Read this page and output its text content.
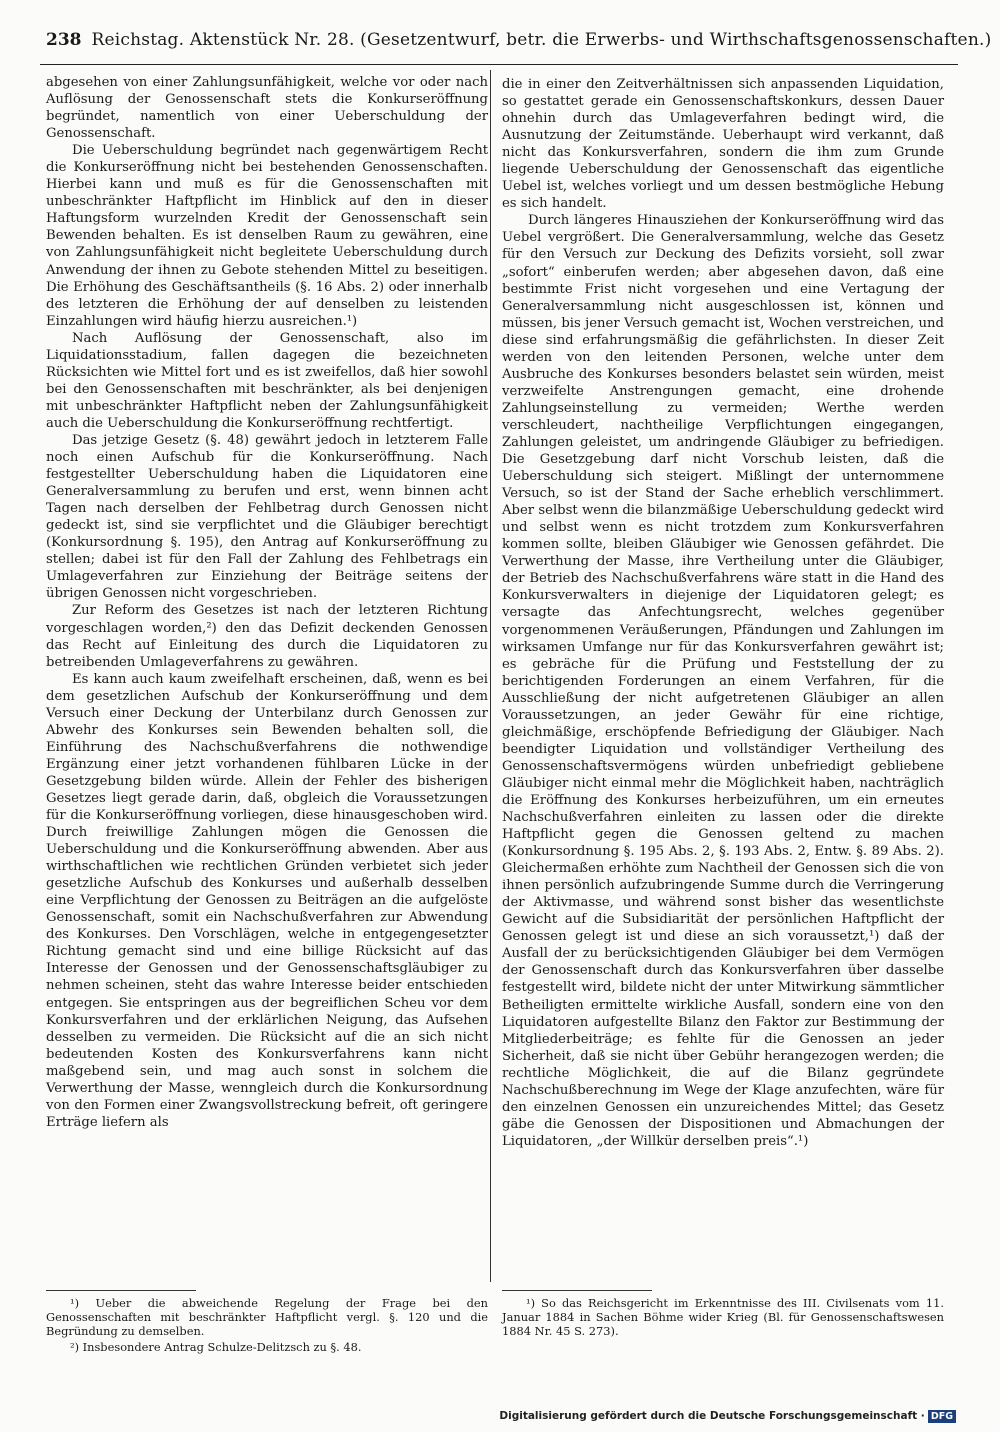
238 Reichstag. Aktenstück Nr. 28. (Gesetzentwurf, betr. die Erwerbs- und Wirthschaftsgenossenschaften.)

abgesehen von einer Zahlungsunfähigkeit, welche vor oder nach Auflösung der Genossenschaft stets die Konkurseröffnung begründet, namentlich von einer Ueberschuldung der Genossenschaft.

Die Ueberschuldung begründet nach gegenwärtigem Recht die Konkurseröffnung nicht bei bestehenden Genossenschaften. Hierbei kann und muß es für die Genossenschaften mit unbeschränkter Haftpflicht im Hinblick auf den in dieser Haftungsform wurzelnden Kredit der Genossenschaft sein Bewenden behalten. Es ist denselben Raum zu gewähren, eine von Zahlungsunfähigkeit nicht begleitete Ueberschuldung durch Anwendung der ihnen zu Gebote stehenden Mittel zu beseitigen. Die Erhöhung des Geschäftsantheils (§. 16 Abs. 2) oder innerhalb des letzteren die Erhöhung der auf denselben zu leistenden Einzahlungen wird häufig hierzu ausreichen.¹)

Nach Auflösung der Genossenschaft, also im Liquidationsstadium, fallen dagegen die bezeichneten Rücksichten wie Mittel fort und es ist zweifellos, daß hier sowohl bei den Genossenschaften mit beschränkter, als bei denjenigen mit unbeschränkter Haftpflicht neben der Zahlungsunfähigkeit auch die Ueberschuldung die Konkurseröffnung rechtfertigt.

Das jetzige Gesetz (§. 48) gewährt jedoch in letzterem Falle noch einen Aufschub für die Konkurseröffnung. Nach festgestellter Ueberschuldung haben die Liquidatoren eine Generalversammlung zu berufen und erst, wenn binnen acht Tagen nach derselben der Fehlbetrag durch Genossen nicht gedeckt ist, sind sie verpflichtet und die Gläubiger berechtigt (Konkursordnung §. 195), den Antrag auf Konkurseröffnung zu stellen; dabei ist für den Fall der Zahlung des Fehlbetrags ein Umlageverfahren zur Einziehung der Beiträge seitens der übrigen Genossen nicht vorgeschrieben.

Zur Reform des Gesetzes ist nach der letzteren Richtung vorgeschlagen worden,²) den das Defizit deckenden Genossen das Recht auf Einleitung des durch die Liquidatoren zu betreibenden Umlageverfahrens zu gewähren.

Es kann auch kaum zweifelhaft erscheinen, daß, wenn es bei dem gesetzlichen Aufschub der Konkurseröffnung und dem Versuch einer Deckung der Unterbilanz durch Genossen zur Abwehr des Konkurses sein Bewenden behalten soll, die Einführung des Nachschußverfahrens die nothwendige Ergänzung einer jetzt vorhandenen fühlbaren Lücke in der Gesetzgebung bilden würde. Allein der Fehler des bisherigen Gesetzes liegt gerade darin, daß, obgleich die Voraussetzungen für die Konkurseröffnung vorliegen, diese hinausgeschoben wird. Durch freiwillige Zahlungen mögen die Genossen die Ueberschuldung und die Konkurseröffnung abwenden. Aber aus wirthschaftlichen wie rechtlichen Gründen verbietet sich jeder gesetzliche Aufschub des Konkurses und außerhalb desselben eine Verpflichtung der Genossen zu Beiträgen an die aufgelöste Genossenschaft, somit ein Nachschußverfahren zur Abwendung des Konkurses. Den Vorschlägen, welche in entgegengesetzter Richtung gemacht sind und eine billige Rücksicht auf das Interesse der Genossen und der Genossenschaftsgläubiger zu nehmen scheinen, steht das wahre Interesse beider entschieden entgegen. Sie entspringen aus der begreiflichen Scheu vor dem Konkursverfahren und der erklärlichen Neigung, das Aufsehen desselben zu vermeiden. Die Rücksicht auf die an sich nicht bedeutenden Kosten des Konkursverfahrens kann nicht maßgebend sein, und mag auch sonst in solchem die Verwerthung der Masse, wenngleich durch die Konkursordnung von den Formen einer Zwangsvollstreckung befreit, oft geringere Erträge liefern als

die in einer den Zeitverhältnissen sich anpassenden Liquidation, so gestattet gerade ein Genossenschaftskonkurs, dessen Dauer ohnehin durch das Umlageverfahren bedingt wird, die Ausnutzung der Zeitumstände. Ueberhaupt wird verkannt, daß nicht das Konkursverfahren, sondern die ihm zum Grunde liegende Ueberschuldung der Genossenschaft das eigentliche Uebel ist, welches vorliegt und um dessen bestmögliche Hebung es sich handelt.

Durch längeres Hinausziehen der Konkurseröffnung wird das Uebel vergrößert. Die Generalversammlung, welche das Gesetz für den Versuch zur Deckung des Defizits vorsieht, soll zwar „sofort“ einberufen werden; aber abgesehen davon, daß eine bestimmte Frist nicht vorgesehen und eine Vertagung der Generalversammlung nicht ausgeschlossen ist, können und müssen, bis jener Versuch gemacht ist, Wochen verstreichen, und diese sind erfahrungsmäßig die gefährlichsten. In dieser Zeit werden von den leitenden Personen, welche unter dem Ausbruche des Konkurses besonders belastet sein würden, meist verzweifelte Anstrengungen gemacht, eine drohende Zahlungseinstellung zu vermeiden; Werthe werden verschleudert, nachtheilige Verpflichtungen eingegangen, Zahlungen geleistet, um andringende Gläubiger zu befriedigen. Die Gesetzgebung darf nicht Vorschub leisten, daß die Ueberschuldung sich steigert. Mißlingt der unternommene Versuch, so ist der Stand der Sache erheblich verschlimmert. Aber selbst wenn die bilanzmäßige Ueberschuldung gedeckt wird und selbst wenn es nicht trotzdem zum Konkursverfahren kommen sollte, bleiben Gläubiger wie Genossen gefährdet. Die Verwerthung der Masse, ihre Vertheilung unter die Gläubiger, der Betrieb des Nachschußverfahrens wäre statt in die Hand des Konkursverwalters in diejenige der Liquidatoren gelegt; es versagte das Anfechtungsrecht, welches gegenüber vorgenommenen Veräußerungen, Pfändungen und Zahlungen im wirksamen Umfange nur für das Konkursverfahren gewährt ist; es gebräche für die Prüfung und Feststellung der zu berichtigenden Forderungen an einem Verfahren, für die Ausschließung der nicht aufgetretenen Gläubiger an allen Voraussetzungen, an jeder Gewähr für eine richtige, gleichmäßige, erschöpfende Befriedigung der Gläubiger. Nach beendigter Liquidation und vollständiger Vertheilung des Genossenschaftsvermögens würden unbefriedigt gebliebene Gläubiger nicht einmal mehr die Möglichkeit haben, nachträglich die Eröffnung des Konkurses herbeizuführen, um ein erneutes Nachschußverfahren einleiten zu lassen oder die direkte Haftpflicht gegen die Genossen geltend zu machen (Konkursordnung §. 195 Abs. 2, §. 193 Abs. 2, Entw. §. 89 Abs. 2). Gleichermaßen erhöhte zum Nachtheil der Genossen sich die von ihnen persönlich aufzubringende Summe durch die Verringerung der Aktivmasse, und während sonst bisher das wesentlichste Gewicht auf die Subsidiarität der persönlichen Haftpflicht der Genossen gelegt ist und diese an sich voraussetzt,¹) daß der Ausfall der zu berücksichtigenden Gläubiger bei dem Vermögen der Genossenschaft durch das Konkursverfahren über dasselbe festgestellt wird, bildete nicht der unter Mitwirkung sämmtlicher Betheiligten ermittelte wirkliche Ausfall, sondern eine von den Liquidatoren aufgestellte Bilanz den Faktor zur Bestimmung der Mitgliederbeiträge; es fehlte für die Genossen an jeder Sicherheit, daß sie nicht über Gebühr herangezogen werden; die rechtliche Möglichkeit, die auf die Bilanz gegründete Nachschußberechnung im Wege der Klage anzufechten, wäre für den einzelnen Genossen ein unzureichendes Mittel; das Gesetz gäbe die Genossen der Dispositionen und Abmachungen der Liquidatoren, „der Willkür derselben preis“.¹)

¹) Ueber die abweichende Regelung der Frage bei den Genossenschaften mit beschränkter Haftpflicht vergl. §. 120 und die Begründung zu demselben.

²) Insbesondere Antrag Schulze-Delitzsch zu §. 48.

¹) So das Reichsgericht im Erkenntnisse des III. Civilsenats vom 11. Januar 1884 in Sachen Böhme wider Krieg (Bl. für Genossenschaftswesen 1884 Nr. 45 S. 273).

Digitalisierung gefördert durch die Deutsche Forschungsgemeinschaft · DFG
